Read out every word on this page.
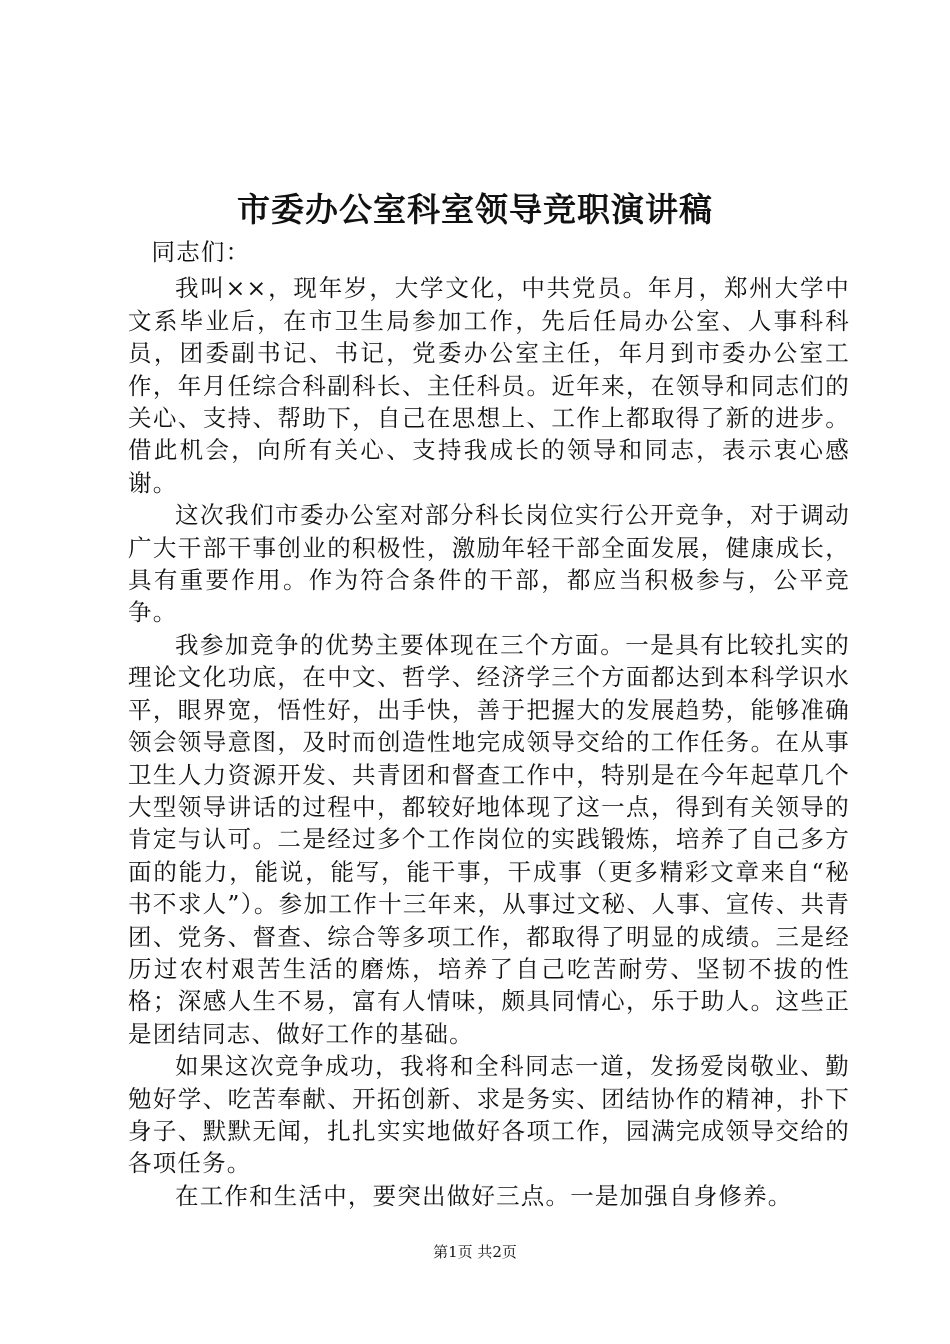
市委办公室科室领导竞职演讲稿

同志们：

我叫××，现年岁，大学文化，中共党员。年月，郑州大学中文系毕业后，在市卫生局参加工作，先后任局办公室、人事科科员，团委副书记、书记，党委办公室主任，年月到市委办公室工作，年月任综合科副科长、主任科员。近年来，在领导和同志们的关心、支持、帮助下，自己在思想上、工作上都取得了新的进步。借此机会，向所有关心、支持我成长的领导和同志，表示衷心感谢。

这次我们市委办公室对部分科长岗位实行公开竞争，对于调动广大干部干事创业的积极性，激励年轻干部全面发展，健康成长，具有重要作用。作为符合条件的干部，都应当积极参与，公平竞争。

我参加竞争的优势主要体现在三个方面。一是具有比较扎实的理论文化功底，在中文、哲学、经济学三个方面都达到本科学识水平，眼界宽，悟性好，出手快，善于把握大的发展趋势，能够准确领会领导意图，及时而创造性地完成领导交给的工作任务。在从事卫生人力资源开发、共青团和督查工作中，特别是在今年起草几个大型领导讲话的过程中，都较好地体现了这一点，得到有关领导的肯定与认可。二是经过多个工作岗位的实践锻炼，培养了自己多方面的能力，能说，能写，能干事，干成事（更多精彩文章来自“秘书不求人”）。参加工作十三年来，从事过文秘、人事、宣传、共青团、党务、督查、综合等多项工作，都取得了明显的成绩。三是经历过农村艰苦生活的磨炼，培养了自己吃苦耐劳、坚韧不拔的性格；深感人生不易，富有人情味，颇具同情心，乐于助人。这些正是团结同志、做好工作的基础。

如果这次竞争成功，我将和全科同志一道，发扬爱岗敬业、勤勉好学、吃苦奉献、开拓创新、求是务实、团结协作的精神，扑下身子、默默无闻，扎扎实实地做好各项工作，园满完成领导交给的各项任务。

在工作和生活中，要突出做好三点。一是加强自身修养。

第1页 共2页
